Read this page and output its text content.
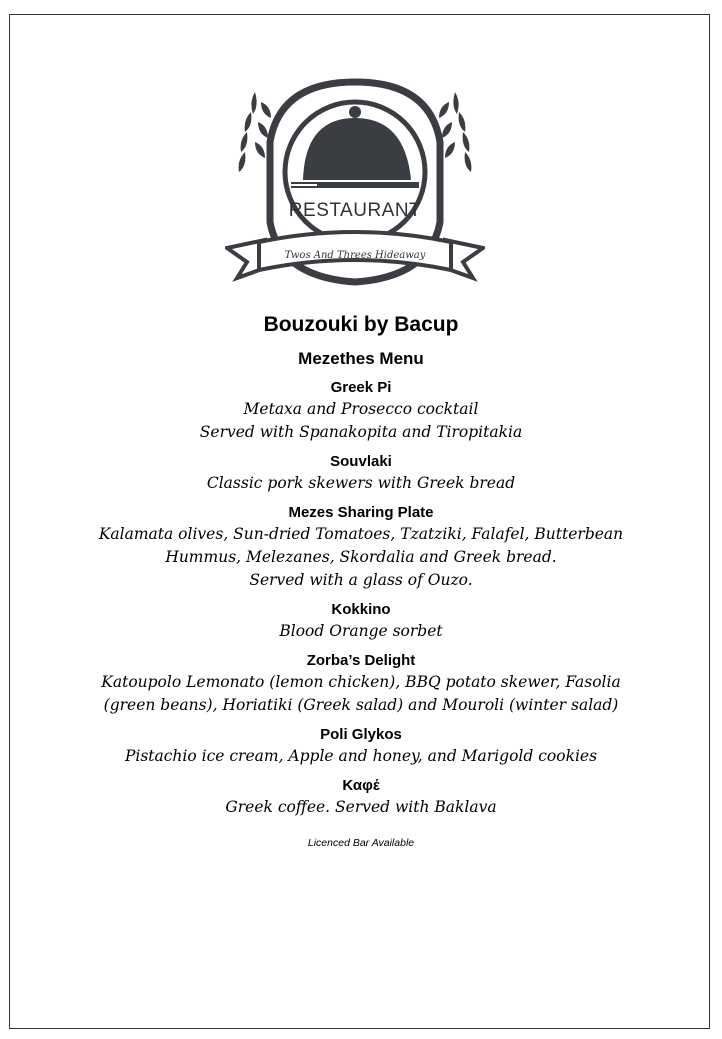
RESTAURANT
Twos And Threes Hideaway
Bouzouki by Bacup
Mezethes Menu
Greek Pi
Metaxa and Prosecco cocktail
Served with Spanakopita and Tiropitakia
Souvlaki
Classic pork skewers with Greek bread
Mezes Sharing Plate
Kalamata olives, Sun-dried Tomatoes, Tzatziki, Falafel, Butterbean
Hummus, Melezanes, Skordalia and Greek bread.
Served with a glass of Ouzo.
Kokkino
Blood Orange sorbet
Zorba’s Delight
Katoupolo Lemonato (lemon chicken), BBQ potato skewer, Fasolia
(green beans), Horiatiki (Greek salad) and Mouroli (winter salad)
Poli Glykos
Pistachio ice cream, Apple and honey, and Marigold cookies
Καφέ
Greek coffee. Served with Baklava
Licenced Bar Available
